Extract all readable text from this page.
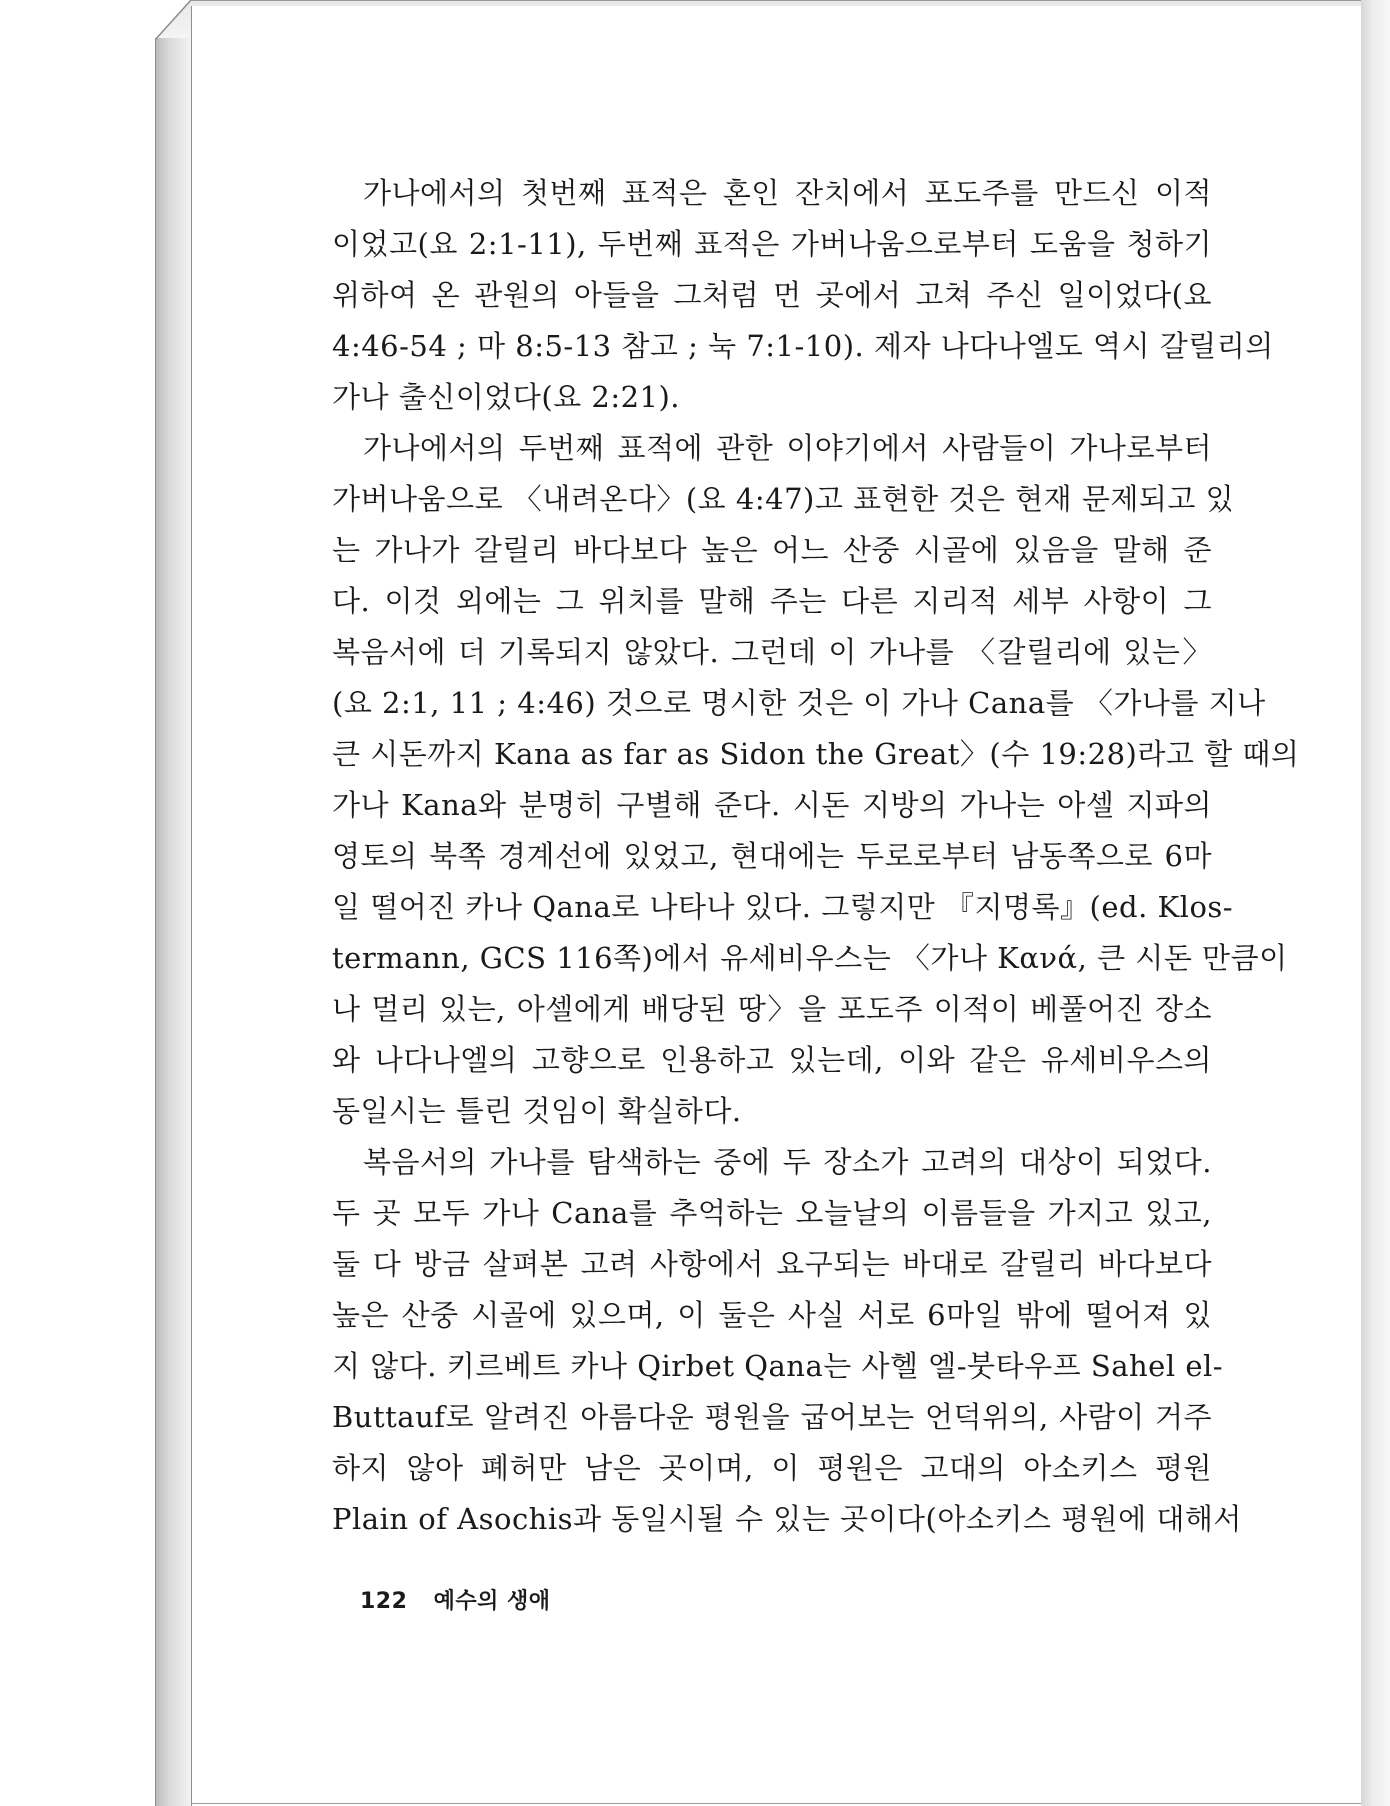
가나에서의 첫번째 표적은 혼인 잔치에서 포도주를 만드신 이적
이었고(요 2:1-11), 두번째 표적은 가버나움으로부터 도움을 청하기
위하여 온 관원의 아들을 그처럼 먼 곳에서 고쳐 주신 일이었다(요
4:46-54 ; 마 8:5-13 참고 ; 눅 7:1-10). 제자 나다나엘도 역시 갈릴리의
가나 출신이었다(요 2:21).

가나에서의 두번째 표적에 관한 이야기에서 사람들이 가나로부터
가버나움으로 〈내려온다〉(요 4:47)고 표현한 것은 현재 문제되고 있
는 가나가 갈릴리 바다보다 높은 어느 산중 시골에 있음을 말해 준
다. 이것 외에는 그 위치를 말해 주는 다른 지리적 세부 사항이 그
복음서에 더 기록되지 않았다. 그런데 이 가나를 〈갈릴리에 있는〉
(요 2:1, 11 ; 4:46) 것으로 명시한 것은 이 가나 Cana를 〈가나를 지나
큰 시돈까지 Kana as far as Sidon the Great〉(수 19:28)라고 할 때의
가나 Kana와 분명히 구별해 준다. 시돈 지방의 가나는 아셀 지파의
영토의 북쪽 경계선에 있었고, 현대에는 두로로부터 남동쪽으로 6마
일 떨어진 카나 Qana로 나타나 있다. 그렇지만 『지명록』(ed. Klos-
termann, GCS 116쪽)에서 유세비우스는 〈가나 Κανά, 큰 시돈 만큼이
나 멀리 있는, 아셀에게 배당된 땅〉을 포도주 이적이 베풀어진 장소
와 나다나엘의 고향으로 인용하고 있는데, 이와 같은 유세비우스의
동일시는 틀린 것임이 확실하다.

복음서의 가나를 탐색하는 중에 두 장소가 고려의 대상이 되었다.
두 곳 모두 가나 Cana를 추억하는 오늘날의 이름들을 가지고 있고,
둘 다 방금 살펴본 고려 사항에서 요구되는 바대로 갈릴리 바다보다
높은 산중 시골에 있으며, 이 둘은 사실 서로 6마일 밖에 떨어져 있
지 않다. 키르베트 카나 Qirbet Qana는 사헬 엘-붓타우프 Sahel el-
Buttauf로 알려진 아름다운 평원을 굽어보는 언덕위의, 사람이 거주
하지 않아 폐허만 남은 곳이며, 이 평원은 고대의 아소키스 평원
Plain of Asochis과 동일시될 수 있는 곳이다(아소키스 평원에 대해서

122 예수의 생애
